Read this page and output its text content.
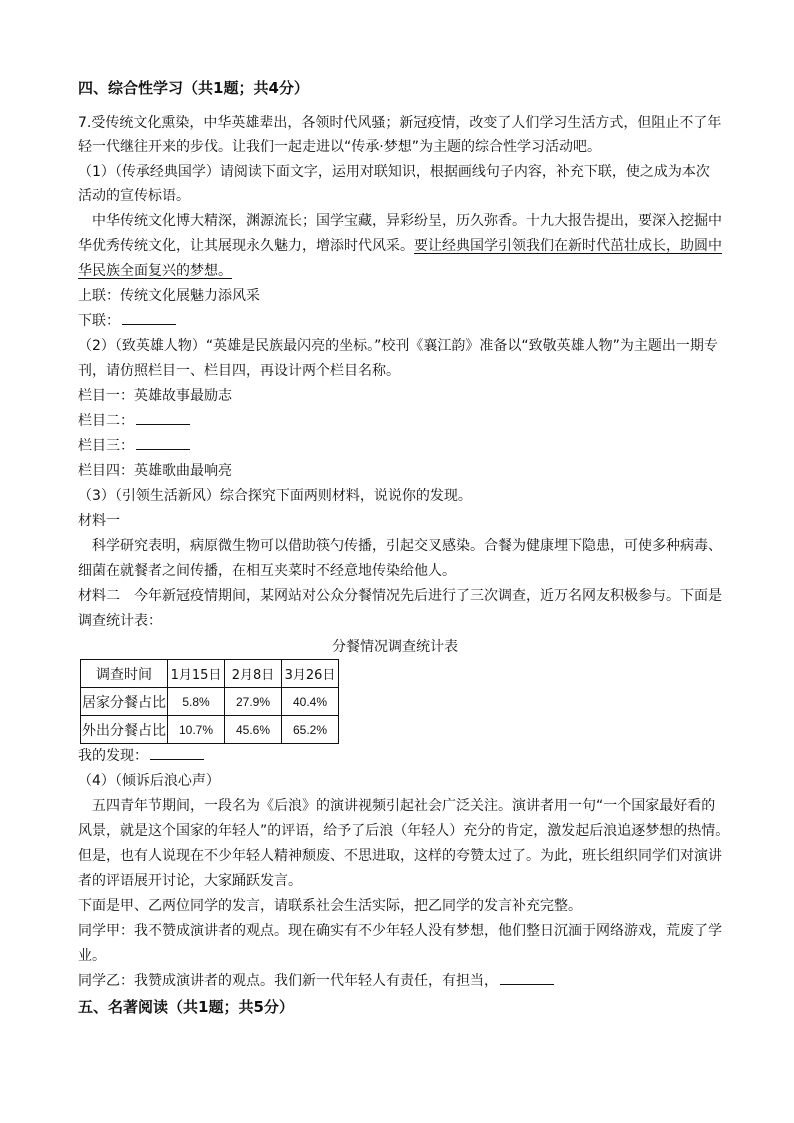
四、综合性学习（共1题；共4分）
7.受传统文化熏染，中华英雄辈出，各领时代风骚；新冠疫情，改变了人们学习生活方式，但阻止不了年
轻一代继往开来的步伐。让我们一起走进以“传承·梦想”为主题的综合性学习活动吧。
（1）（传承经典国学）请阅读下面文字，运用对联知识，根据画线句子内容，补充下联，使之成为本次
活动的宣传标语。
中华传统文化博大精深，渊源流长；国学宝藏，异彩纷呈，历久弥香。十九大报告提出，要深入挖掘中
华优秀传统文化，让其展现永久魅力，增添时代风采。要让经典国学引领我们在新时代茁壮成长，助圆中
华民族全面复兴的梦想。
上联：传统文化展魅力添风采
下联：
（2）（致英雄人物）“英雄是民族最闪亮的坐标。”校刊《襄江韵》准备以“致敬英雄人物”为主题出一期专
刊，请仿照栏目一、栏目四，再设计两个栏目名称。
栏目一：英雄故事最励志
栏目二：
栏目三：
栏目四：英雄歌曲最响亮
（3）（引领生活新风）综合探究下面两则材料，说说你的发现。
材料一
科学研究表明，病原微生物可以借助筷勺传播，引起交叉感染。合餐为健康埋下隐患，可使多种病毒、
细菌在就餐者之间传播，在相互夹菜时不经意地传染给他人。
材料二　今年新冠疫情期间，某网站对公众分餐情况先后进行了三次调查，近万名网友积极参与。下面是
调查统计表：
分餐情况调查统计表
调查时间	1月15日	2月8日	3月26日
居家分餐占比	5.8%	27.9%	40.4%
外出分餐占比	10.7%	45.6%	65.2%
我的发现：
（4）（倾诉后浪心声）
五四青年节期间，一段名为《后浪》的演讲视频引起社会广泛关注。演讲者用一句“一个国家最好看的
风景，就是这个国家的年轻人”的评语，给予了后浪（年轻人）充分的肯定，激发起后浪追逐梦想的热情。
但是，也有人说现在不少年轻人精神颓废、不思进取，这样的夸赞太过了。为此，班长组织同学们对演讲
者的评语展开讨论，大家踊跃发言。
下面是甲、乙两位同学的发言，请联系社会生活实际，把乙同学的发言补充完整。
同学甲：我不赞成演讲者的观点。现在确实有不少年轻人没有梦想，他们整日沉湎于网络游戏，荒废了学
业。
同学乙：我赞成演讲者的观点。我们新一代年轻人有责任，有担当，
五、名著阅读（共1题；共5分）
